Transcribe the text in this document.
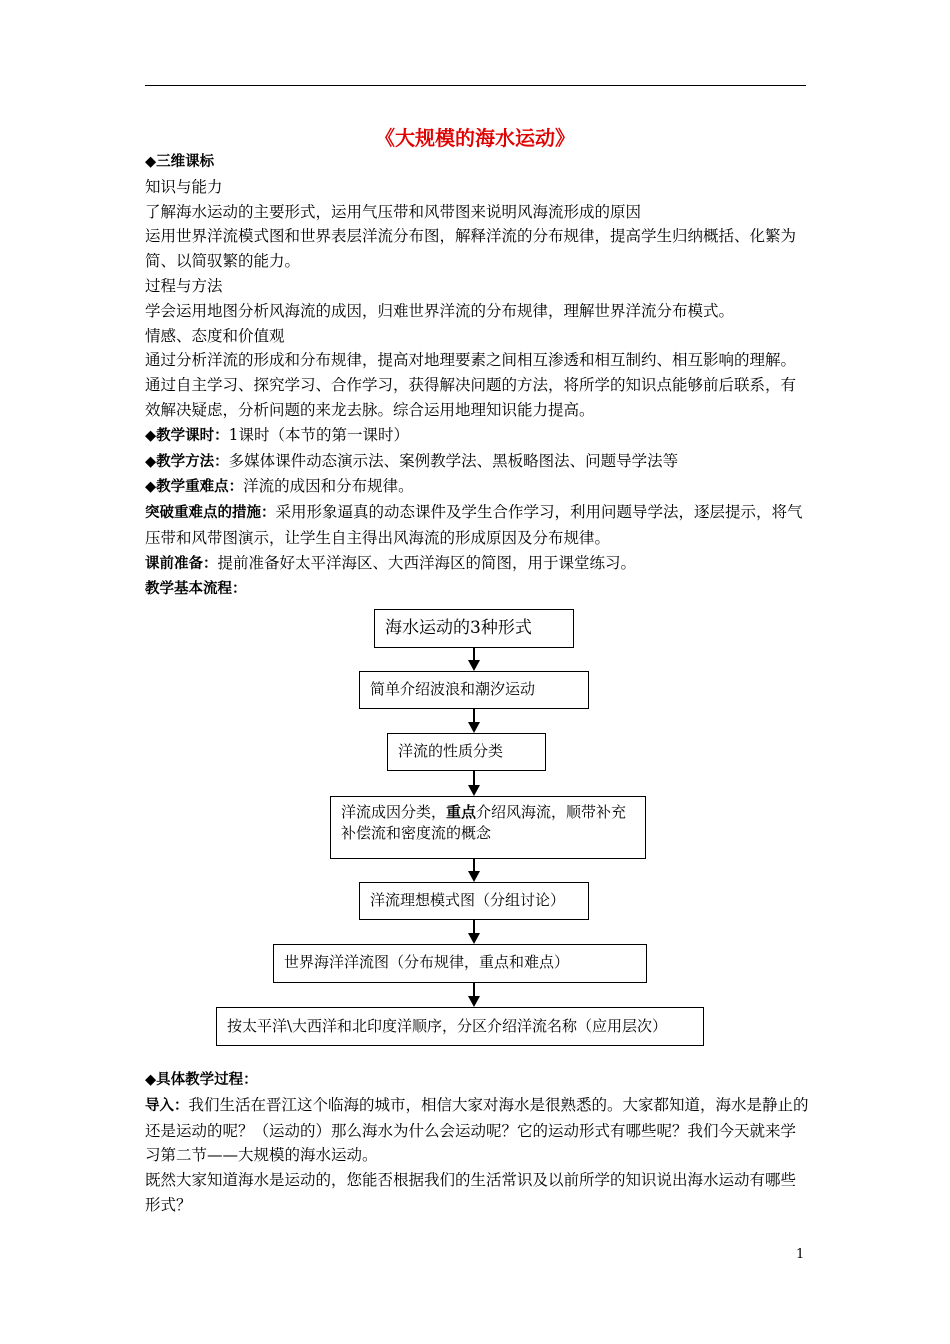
《大规模的海水运动》

◆三维课标

知识与能力

了解海水运动的主要形式，运用气压带和风带图来说明风海流形成的原因

运用世界洋流模式图和世界表层洋流分布图，解释洋流的分布规律，提高学生归纳概括、化繁为简、以简驭繁的能力。

过程与方法

学会运用地图分析风海流的成因，归难世界洋流的分布规律，理解世界洋流分布模式。

情感、态度和价值观

通过分析洋流的形成和分布规律，提高对地理要素之间相互渗透和相互制约、相互影响的理解。

通过自主学习、探究学习、合作学习，获得解决问题的方法，将所学的知识点能够前后联系，有效解决疑虑，分析问题的来龙去脉。综合运用地理知识能力提高。

◆教学课时：1课时（本节的第一课时）

◆教学方法：多媒体课件动态演示法、案例教学法、黑板略图法、问题导学法等

◆教学重难点：洋流的成因和分布规律。

突破重难点的措施：采用形象逼真的动态课件及学生合作学习，利用问题导学法，逐层提示，将气压带和风带图演示，让学生自主得出风海流的形成原因及分布规律。

课前准备：提前准备好太平洋海区、大西洋海区的简图，用于课堂练习。

教学基本流程：

海水运动的3种形式
简单介绍波浪和潮汐运动
洋流的性质分类
洋流成因分类，重点介绍风海流，顺带补充补偿流和密度流的概念
洋流理想模式图（分组讨论）
世界海洋洋流图（分布规律，重点和难点）
按太平洋\大西洋和北印度洋顺序，分区介绍洋流名称（应用层次）

◆具体教学过程：

导入：我们生活在晋江这个临海的城市，相信大家对海水是很熟悉的。大家都知道，海水是静止的还是运动的呢？（运动的）那么海水为什么会运动呢？它的运动形式有哪些呢？我们今天就来学习第二节——大规模的海水运动。

既然大家知道海水是运动的，您能否根据我们的生活常识及以前所学的知识说出海水运动有哪些形式？

1
